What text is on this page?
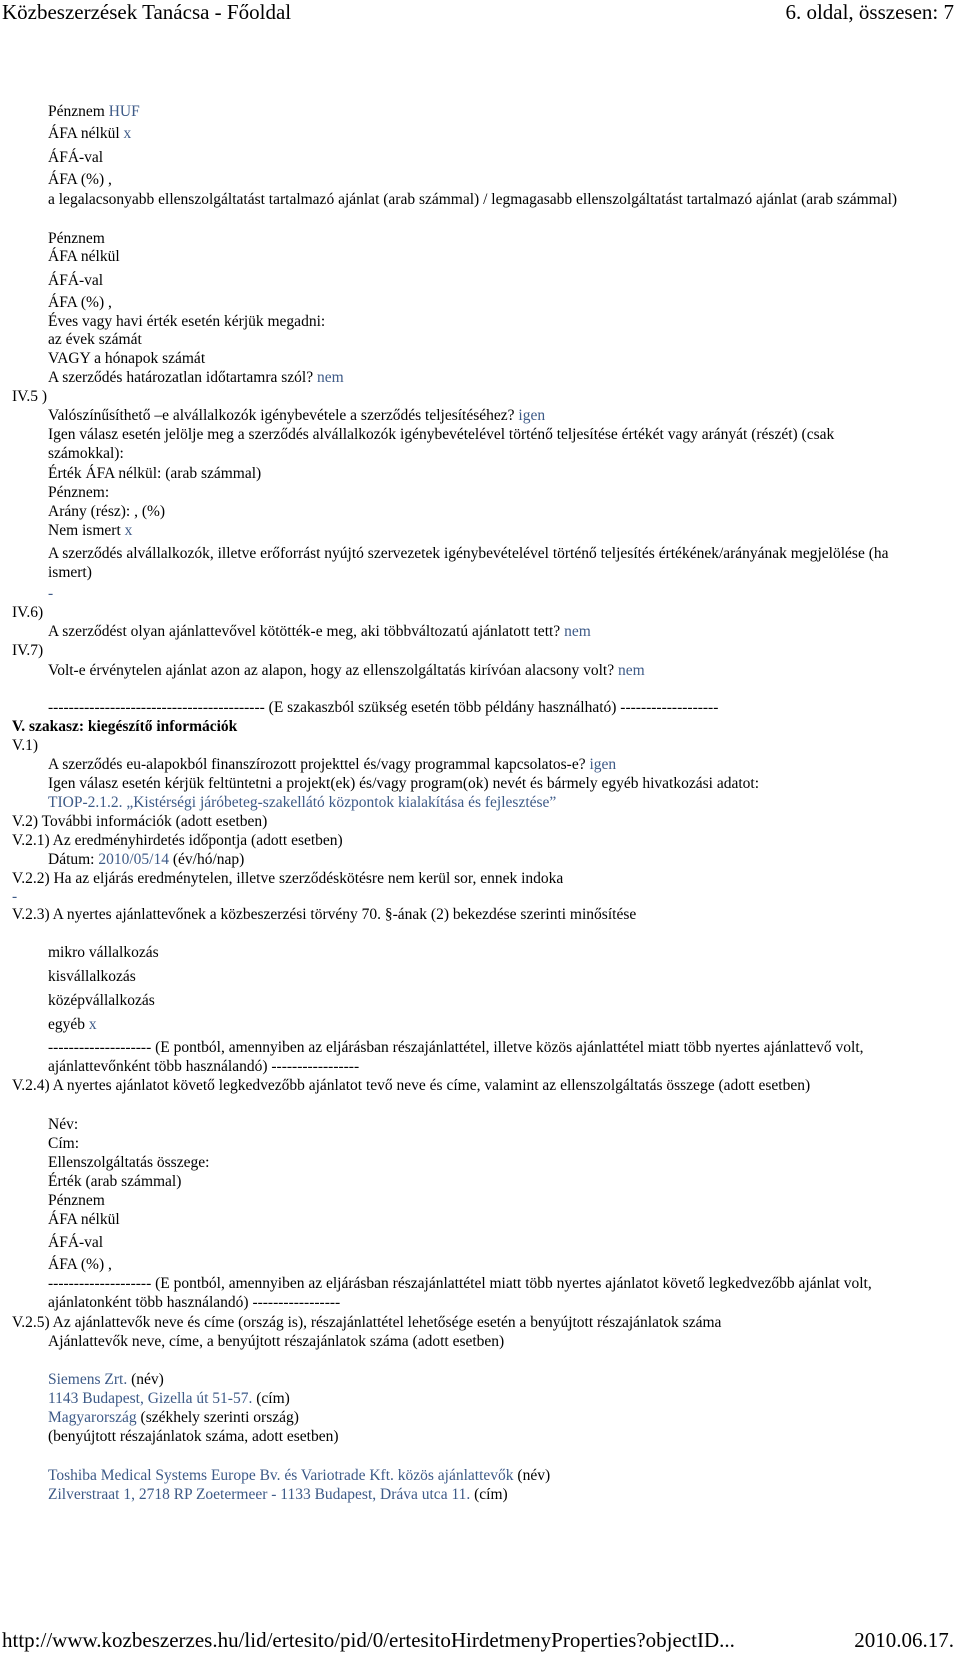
Közbeszerzések Tanácsa - Főoldal	6. oldal, összesen: 7
Pénznem HUF
ÁFA nélkül x
ÁFÁ-val
ÁFA (%) ,
a legalacsonyabb ellenszolgáltatást tartalmazó ajánlat (arab számmal) / legmagasabb ellenszolgáltatást tartalmazó ajánlat (arab számmal)
Pénznem
ÁFA nélkül
ÁFÁ-val
ÁFA (%) ,
Éves vagy havi érték esetén kérjük megadni:
az évek számát
VAGY a hónapok számát
A szerződés határozatlan időtartamra szól? nem
IV.5 )
Valószínűsíthető –e alvállalkozók igénybevétele a szerződés teljesítéséhez? igen
Igen válasz esetén jelölje meg a szerződés alvállalkozók igénybevételével történő teljesítése értékét vagy arányát (részét) (csak számokkal):
Érték ÁFA nélkül: (arab számmal)
Pénznem:
Arány (rész): , (%)
Nem ismert x
A szerződés alvállalkozók, illetve erőforrást nyújtó szervezetek igénybevételével történő teljesítés értékének/arányának megjelölése (ha ismert)
-
IV.6)
A szerződést olyan ajánlattevővel kötötték-e meg, aki többváltozatú ajánlatott tett? nem
IV.7)
Volt-e érvénytelen ajánlat azon az alapon, hogy az ellenszolgáltatás kirívóan alacsony volt? nem
------------------------------------------ (E szakaszból szükség esetén több példány használható) -------------------
V. szakasz: kiegészítő információk
V.1)
A szerződés eu-alapokból finanszírozott projekttel és/vagy programmal kapcsolatos-e? igen
Igen válasz esetén kérjük feltüntetni a projekt(ek) és/vagy program(ok) nevét és bármely egyéb hivatkozási adatot:
TIOP-2.1.2. „Kistérségi járóbeteg-szakellátó központok kialakítása és fejlesztése”
V.2) További információk (adott esetben)
V.2.1) Az eredményhirdetés időpontja (adott esetben)
Dátum: 2010/05/14 (év/hó/nap)
V.2.2) Ha az eljárás eredménytelen, illetve szerződéskötésre nem kerül sor, ennek indoka
-
V.2.3) A nyertes ajánlattevőnek a közbeszerzési törvény 70. §-ának (2) bekezdése szerinti minősítése
mikro vállalkozás
kisvállalkozás
középvállalkozás
egyéb x
-------------------- (E pontból, amennyiben az eljárásban részajánlattétel, illetve közös ajánlattétel miatt több nyertes ajánlattevő volt, ajánlattevőnként több használandó) -----------------
V.2.4) A nyertes ajánlatot követő legkedvezőbb ajánlatot tevő neve és címe, valamint az ellenszolgáltatás összege (adott esetben)
Név:
Cím:
Ellenszolgáltatás összege:
Érték (arab számmal)
Pénznem
ÁFA nélkül
ÁFÁ-val
ÁFA (%) ,
-------------------- (E pontból, amennyiben az eljárásban részajánlattétel miatt több nyertes ajánlatot követő legkedvezőbb ajánlat volt, ajánlatonként több használandó) -----------------
V.2.5) Az ajánlattevők neve és címe (ország is), részajánlattétel lehetősége esetén a benyújtott részajánlatok száma
Ajánlattevők neve, címe, a benyújtott részajánlatok száma (adott esetben)
Siemens Zrt. (név)
1143 Budapest, Gizella út 51-57. (cím)
Magyarország (székhely szerinti ország)
(benyújtott részajánlatok száma, adott esetben)
Toshiba Medical Systems Europe Bv. és Variotrade Kft. közös ajánlattevők (név)
Zilverstraat 1, 2718 RP Zoetermeer - 1133 Budapest, Dráva utca 11. (cím)
http://www.kozbeszerzes.hu/lid/ertesito/pid/0/ertesitoHirdetmenyProperties?objectID...	2010.06.17.
